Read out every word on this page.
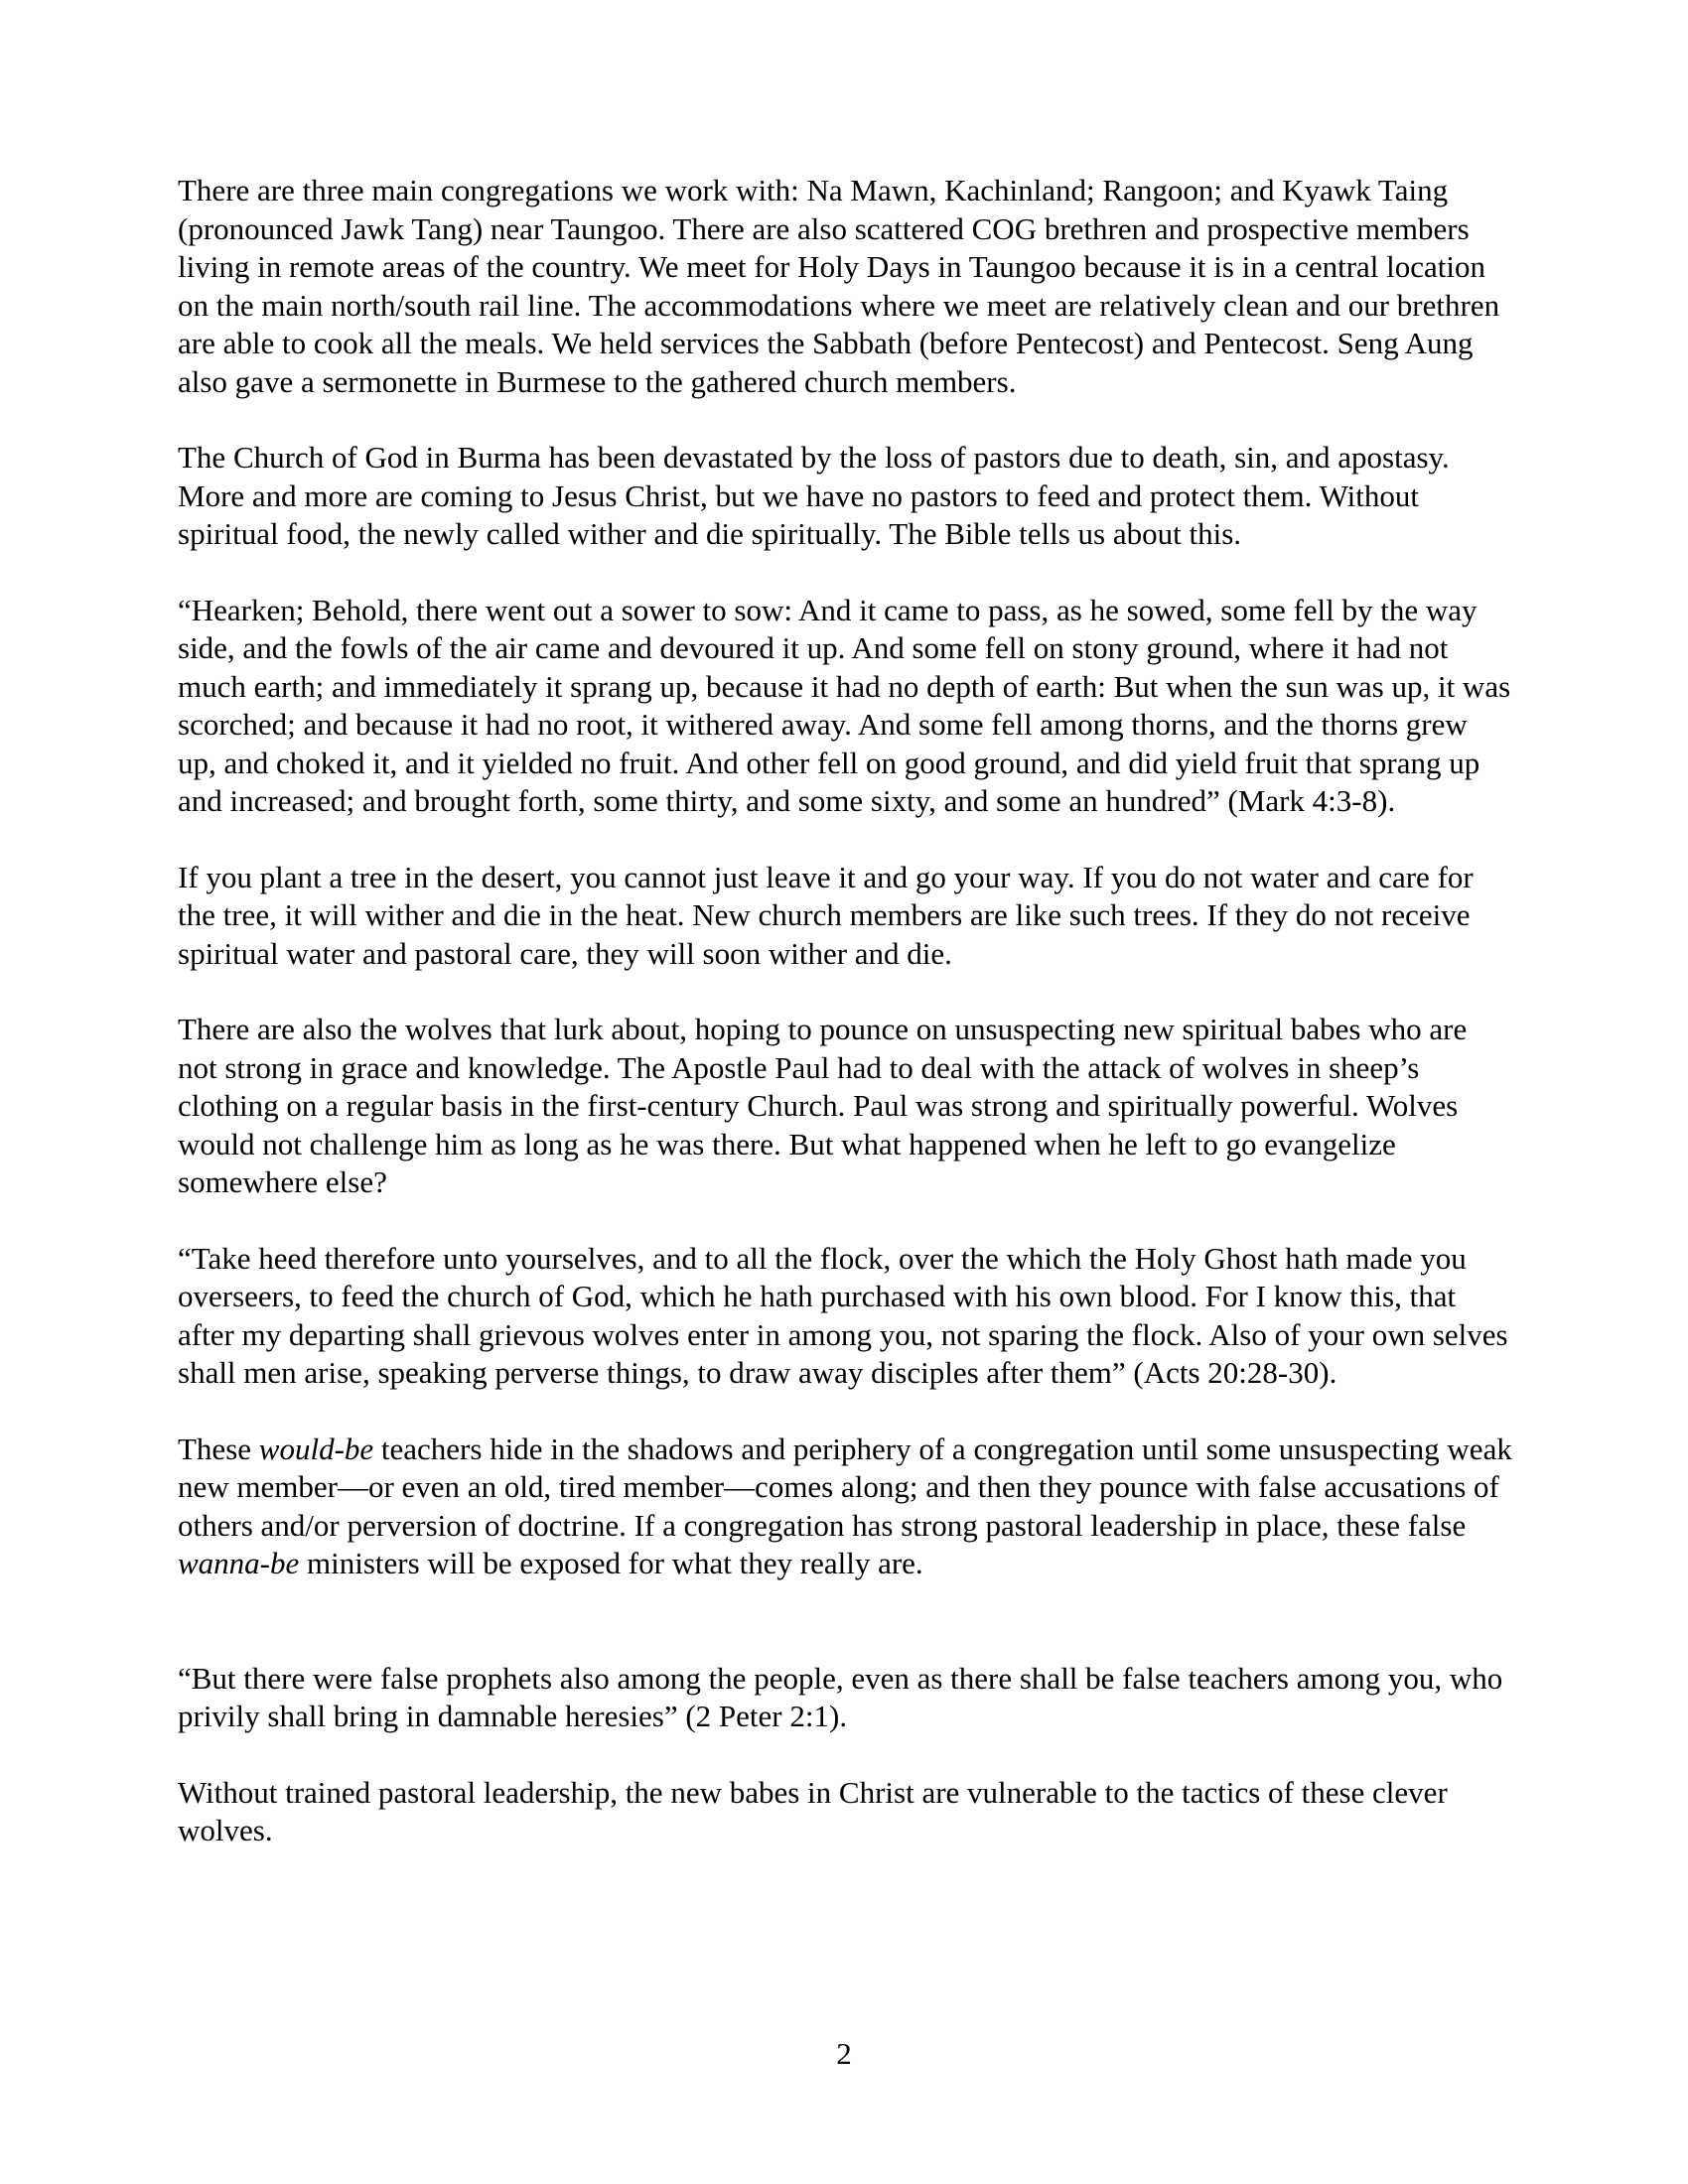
There are three main congregations we work with: Na Mawn, Kachinland; Rangoon; and Kyawk Taing (pronounced Jawk Tang) near Taungoo. There are also scattered COG brethren and prospective members living in remote areas of the country. We meet for Holy Days in Taungoo because it is in a central location on the main north/south rail line. The accommodations where we meet are relatively clean and our brethren are able to cook all the meals. We held services the Sabbath (before Pentecost) and Pentecost. Seng Aung also gave a sermonette in Burmese to the gathered church members.

The Church of God in Burma has been devastated by the loss of pastors due to death, sin, and apostasy. More and more are coming to Jesus Christ, but we have no pastors to feed and protect them. Without spiritual food, the newly called wither and die spiritually. The Bible tells us about this.

“Hearken; Behold, there went out a sower to sow: And it came to pass, as he sowed, some fell by the way side, and the fowls of the air came and devoured it up. And some fell on stony ground, where it had not much earth; and immediately it sprang up, because it had no depth of earth: But when the sun was up, it was scorched; and because it had no root, it withered away. And some fell among thorns, and the thorns grew up, and choked it, and it yielded no fruit. And other fell on good ground, and did yield fruit that sprang up and increased; and brought forth, some thirty, and some sixty, and some an hundred” (Mark 4:3-8).

If you plant a tree in the desert, you cannot just leave it and go your way. If you do not water and care for the tree, it will wither and die in the heat. New church members are like such trees. If they do not receive spiritual water and pastoral care, they will soon wither and die.

There are also the wolves that lurk about, hoping to pounce on unsuspecting new spiritual babes who are not strong in grace and knowledge. The Apostle Paul had to deal with the attack of wolves in sheep’s clothing on a regular basis in the first-century Church. Paul was strong and spiritually powerful. Wolves would not challenge him as long as he was there. But what happened when he left to go evangelize somewhere else?

“Take heed therefore unto yourselves, and to all the flock, over the which the Holy Ghost hath made you overseers, to feed the church of God, which he hath purchased with his own blood. For I know this, that after my departing shall grievous wolves enter in among you, not sparing the flock. Also of your own selves shall men arise, speaking perverse things, to draw away disciples after them” (Acts 20:28-30).

These would-be teachers hide in the shadows and periphery of a congregation until some unsuspecting weak new member—or even an old, tired member—comes along; and then they pounce with false accusations of others and/or perversion of doctrine. If a congregation has strong pastoral leadership in place, these false wanna-be ministers will be exposed for what they really are.

“But there were false prophets also among the people, even as there shall be false teachers among you, who privily shall bring in damnable heresies” (2 Peter 2:1).

Without trained pastoral leadership, the new babes in Christ are vulnerable to the tactics of these clever wolves.

2
